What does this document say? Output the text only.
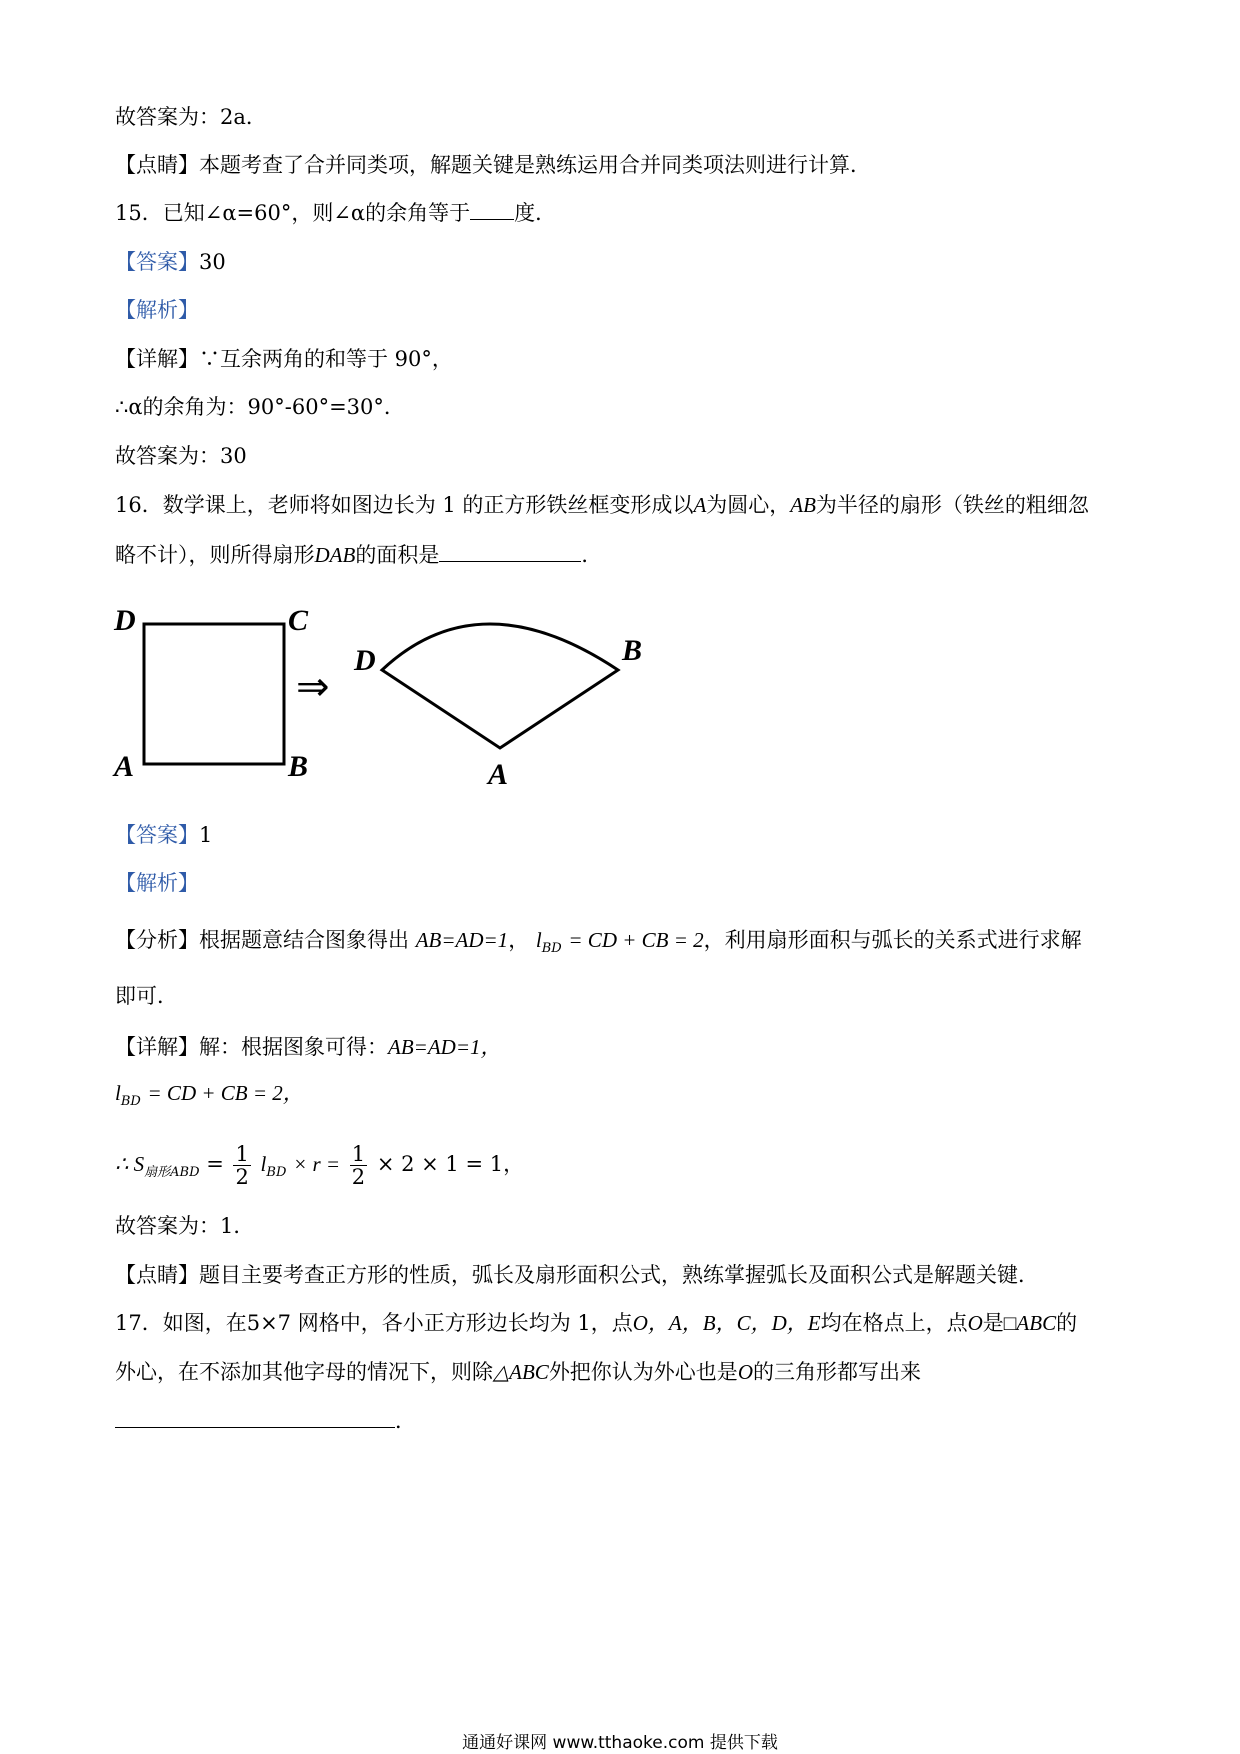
故答案为：2a．
【点睛】本题考查了合并同类项，解题关键是熟练运用合并同类项法则进行计算．
15．已知∠α=60°，则∠α的余角等于 度．
【答案】30
【解析】
【详解】∵互余两角的和等于 90°，
∴α的余角为：90°-60°=30°．
故答案为：30
16．数学课上，老师将如图边长为 1 的正方形铁丝框变形成以A为圆心，AB为半径的扇形（铁丝的粗细忽
略不计），则所得扇形DAB的面积是	．
D	C
A	B
⇒
D	B
A
【答案】1
【解析】
【分析】根据题意结合图象得出 AB=AD=1， $l_{BD}$ = CD + CB = 2，利用扇形面积与弧长的关系式进行求解
即可．
【详解】解：根据图象可得：AB=AD=1，
$l_{BD}$ = CD + CB = 2，
∴ $S_{扇形ABD} = \frac{1}{2} l_{BD} \times r = \frac{1}{2} \times 2 \times 1 = 1$，
故答案为：1．
【点睛】题目主要考查正方形的性质，弧长及扇形面积公式，熟练掌握弧长及面积公式是解题关键．
17．如图，在5×7 网格中，各小正方形边长均为 1，点O，A，B，C，D，E均在格点上，点O是□ABC的
外心，在不添加其他字母的情况下，则除△ABC外把你认为外心也是O的三角形都写出来
．
通通好课网 www.tthaoke.com 提供下载
